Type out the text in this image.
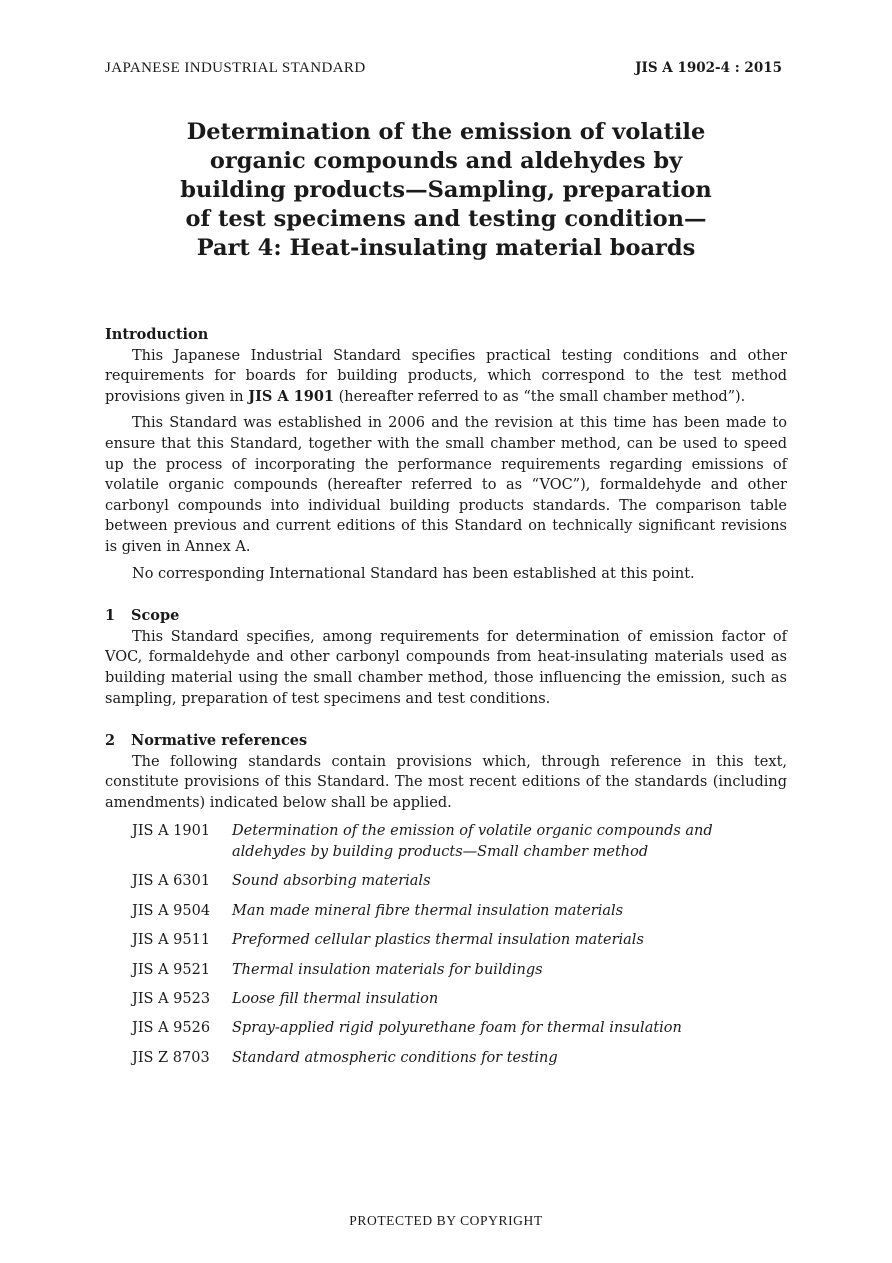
JAPANESE INDUSTRIAL STANDARD	JIS A 1902-4 : 2015
Determination of the emission of volatile
organic compounds and aldehydes by
building products—Sampling, preparation
of test specimens and testing condition—
Part 4: Heat-insulating material boards
Introduction

This Japanese Industrial Standard specifies practical testing conditions and other requirements for boards for building products, which correspond to the test method provisions given in JIS A 1901 (hereafter referred to as “the small chamber method”).

This Standard was established in 2006 and the revision at this time has been made to ensure that this Standard, together with the small chamber method, can be used to speed up the process of incorporating the performance requirements regarding emissions of volatile organic compounds (hereafter referred to as “VOC”), formaldehyde and other carbonyl compounds into individual building products standards. The comparison table between previous and current editions of this Standard on technically significant revisions is given in Annex A.

No corresponding International Standard has been established at this point.

1 Scope

This Standard specifies, among requirements for determination of emission factor of VOC, formaldehyde and other carbonyl compounds from heat-insulating materials used as building material using the small chamber method, those influencing the emission, such as sampling, preparation of test specimens and test conditions.

2 Normative references

The following standards contain provisions which, through reference in this text, constitute provisions of this Standard. The most recent editions of the standards (including amendments) indicated below shall be applied.

JIS A 1901	Determination of the emission of volatile organic compounds and aldehydes by building products—Small chamber method
JIS A 6301	Sound absorbing materials
JIS A 9504	Man made mineral fibre thermal insulation materials
JIS A 9511	Preformed cellular plastics thermal insulation materials
JIS A 9521	Thermal insulation materials for buildings
JIS A 9523	Loose fill thermal insulation
JIS A 9526	Spray-applied rigid polyurethane foam for thermal insulation
JIS Z 8703	Standard atmospheric conditions for testing
PROTECTED BY COPYRIGHT
